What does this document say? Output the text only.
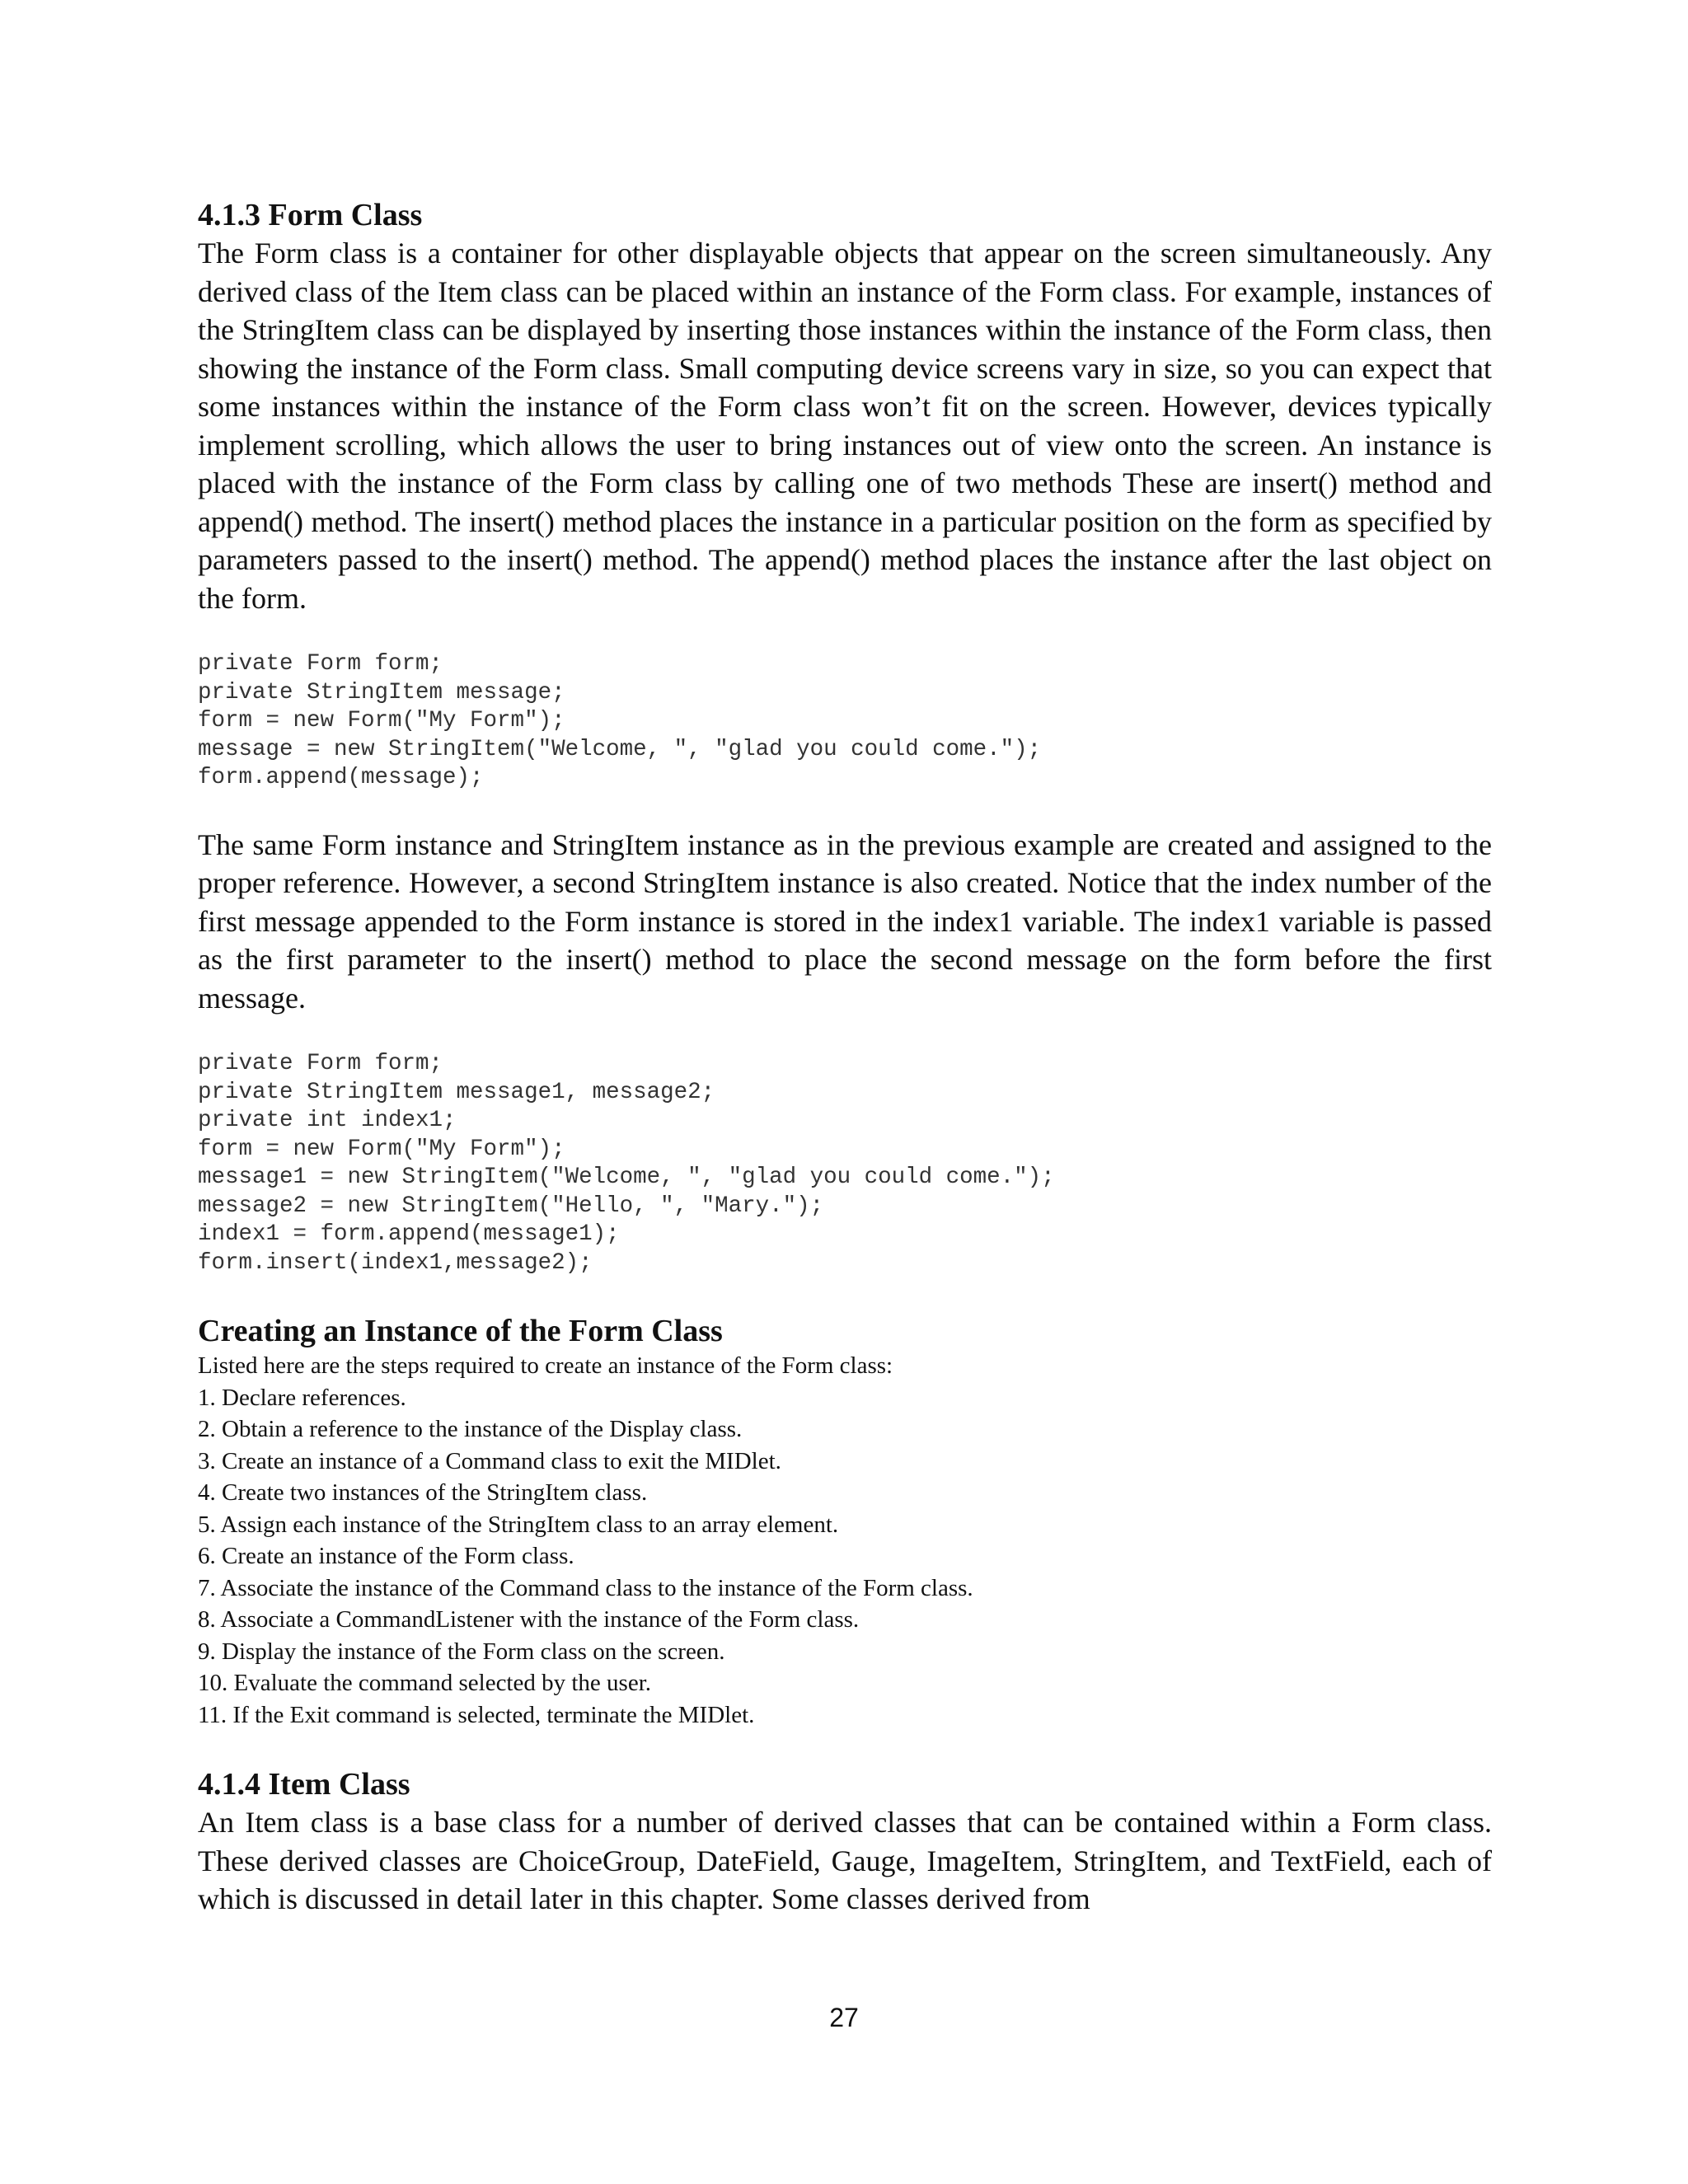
4.1.3 Form Class

The Form class is a container for other displayable objects that appear on the screen simultaneously. Any derived class of the Item class can be placed within an instance of the Form class. For example, instances of the StringItem class can be displayed by inserting those instances within the instance of the Form class, then showing the instance of the Form class. Small computing device screens vary in size, so you can expect that some instances within the instance of the Form class won’t fit on the screen. However, devices typically implement scrolling, which allows the user to bring instances out of view onto the screen. An instance is placed with the instance of the Form class by calling one of two methods These are insert() method and append() method. The insert() method places the instance in a particular position on the form as specified by parameters passed to the insert() method. The append() method places the instance after the last object on the form.

private Form form;
private StringItem message;
form = new Form("My Form");
message = new StringItem("Welcome, ", "glad you could come.");
form.append(message);

The same Form instance and StringItem instance as in the previous example are created and assigned to the proper reference. However, a second StringItem instance is also created. Notice that the index number of the first message appended to the Form instance is stored in the index1 variable. The index1 variable is passed as the first parameter to the insert() method to place the second message on the form before the first message.

private Form form;
private StringItem message1, message2;
private int index1;
form = new Form("My Form");
message1 = new StringItem("Welcome, ", "glad you could come.");
message2 = new StringItem("Hello, ", "Mary.");
index1 = form.append(message1);
form.insert(index1,message2);
Creating an Instance of the Form Class

Listed here are the steps required to create an instance of the Form class:

1. Declare references.
2. Obtain a reference to the instance of the Display class.
3. Create an instance of a Command class to exit the MIDlet.
4. Create two instances of the StringItem class.
5. Assign each instance of the StringItem class to an array element.
6. Create an instance of the Form class.
7. Associate the instance of the Command class to the instance of the Form class.
8. Associate a CommandListener with the instance of the Form class.
9. Display the instance of the Form class on the screen.
10. Evaluate the command selected by the user.
11. If the Exit command is selected, terminate the MIDlet.
4.1.4 Item Class

An Item class is a base class for a number of derived classes that can be contained within a Form class. These derived classes are ChoiceGroup, DateField, Gauge, ImageItem, StringItem, and TextField, each of which is discussed in detail later in this chapter. Some classes derived from

27
